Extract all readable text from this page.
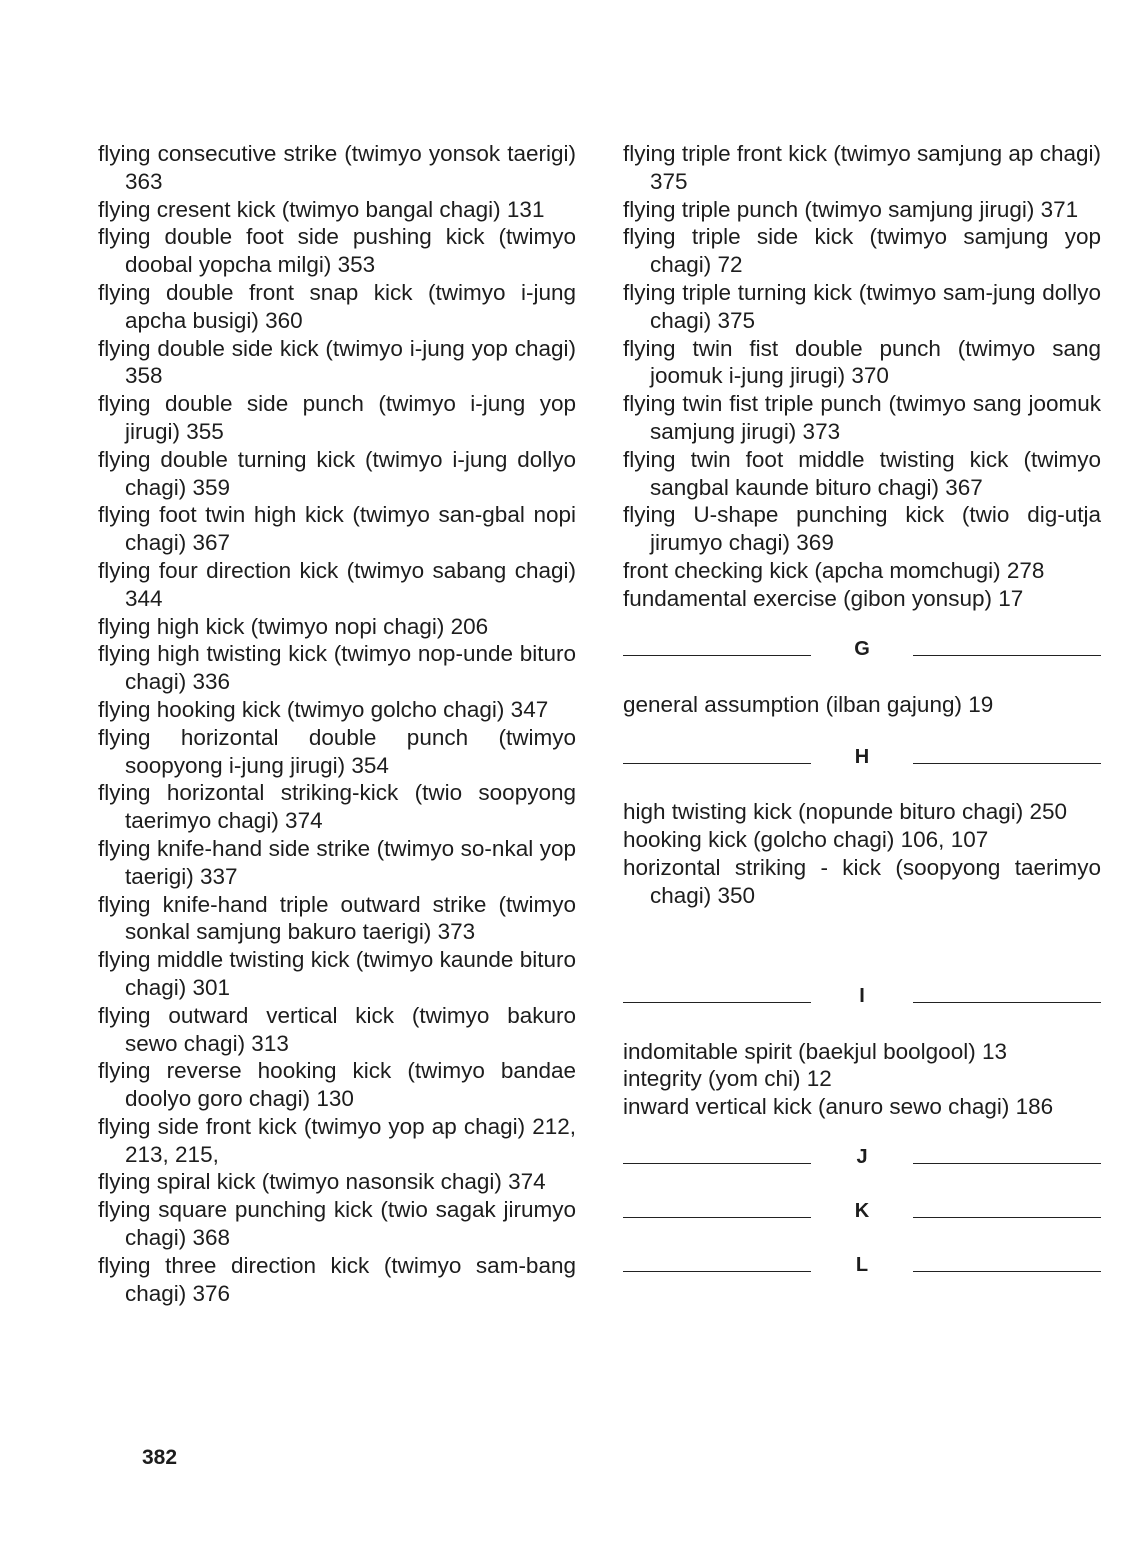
flying consecutive strike (twimyo yonsok taerigi) 363

flying cresent kick (twimyo bangal chagi) 131

flying double foot side pushing kick (twimyo doobal yopcha milgi) 353

flying double front snap kick (twimyo i-jung apcha busigi) 360

flying double side kick (twimyo i-jung yop chagi) 358

flying double side punch (twimyo i-jung yop jirugi) 355

flying double turning kick (twimyo i-jung dollyo chagi) 359

flying foot twin high kick (twimyo san-gbal nopi chagi) 367

flying four direction kick (twimyo sabang chagi) 344

flying high kick (twimyo nopi chagi) 206

flying high twisting kick (twimyo nop-unde bituro chagi) 336

flying hooking kick (twimyo golcho chagi) 347

flying horizontal double punch (twimyo soopyong i-jung jirugi) 354

flying horizontal striking-kick (twio soopyong taerimyo chagi) 374

flying knife-hand side strike (twimyo so-nkal yop taerigi) 337

flying knife-hand triple outward strike (twimyo sonkal samjung bakuro taerigi) 373

flying middle twisting kick (twimyo kaunde bituro chagi) 301

flying outward vertical kick (twimyo bakuro sewo chagi) 313

flying reverse hooking kick (twimyo bandae doolyo goro chagi) 130

flying side front kick (twimyo yop ap chagi) 212, 213, 215,

flying spiral kick (twimyo nasonsik chagi) 374

flying square punching kick (twio sagak jirumyo chagi) 368

flying three direction kick (twimyo sam-bang chagi) 376

flying triple front kick (twimyo samjung ap chagi) 375

flying triple punch (twimyo samjung jirugi) 371

flying triple side kick (twimyo samjung yop chagi) 72

flying triple turning kick (twimyo sam-jung dollyo chagi) 375

flying twin fist double punch (twimyo sang joomuk i-jung jirugi) 370

flying twin fist triple punch (twimyo sang joomuk samjung jirugi) 373

flying twin foot middle twisting kick (twimyo sangbal kaunde bituro chagi) 367

flying U-shape punching kick (twio dig-utja jirumyo chagi) 369

front checking kick (apcha momchugi) 278

fundamental exercise (gibon yonsup) 17

G

general assumption (ilban gajung) 19

H

high twisting kick (nopunde bituro chagi) 250

hooking kick (golcho chagi) 106, 107

horizontal striking - kick (soopyong taerimyo chagi) 350

I

indomitable spirit (baekjul boolgool) 13

integrity (yom chi) 12

inward vertical kick (anuro sewo chagi) 186

J
K
L
382
